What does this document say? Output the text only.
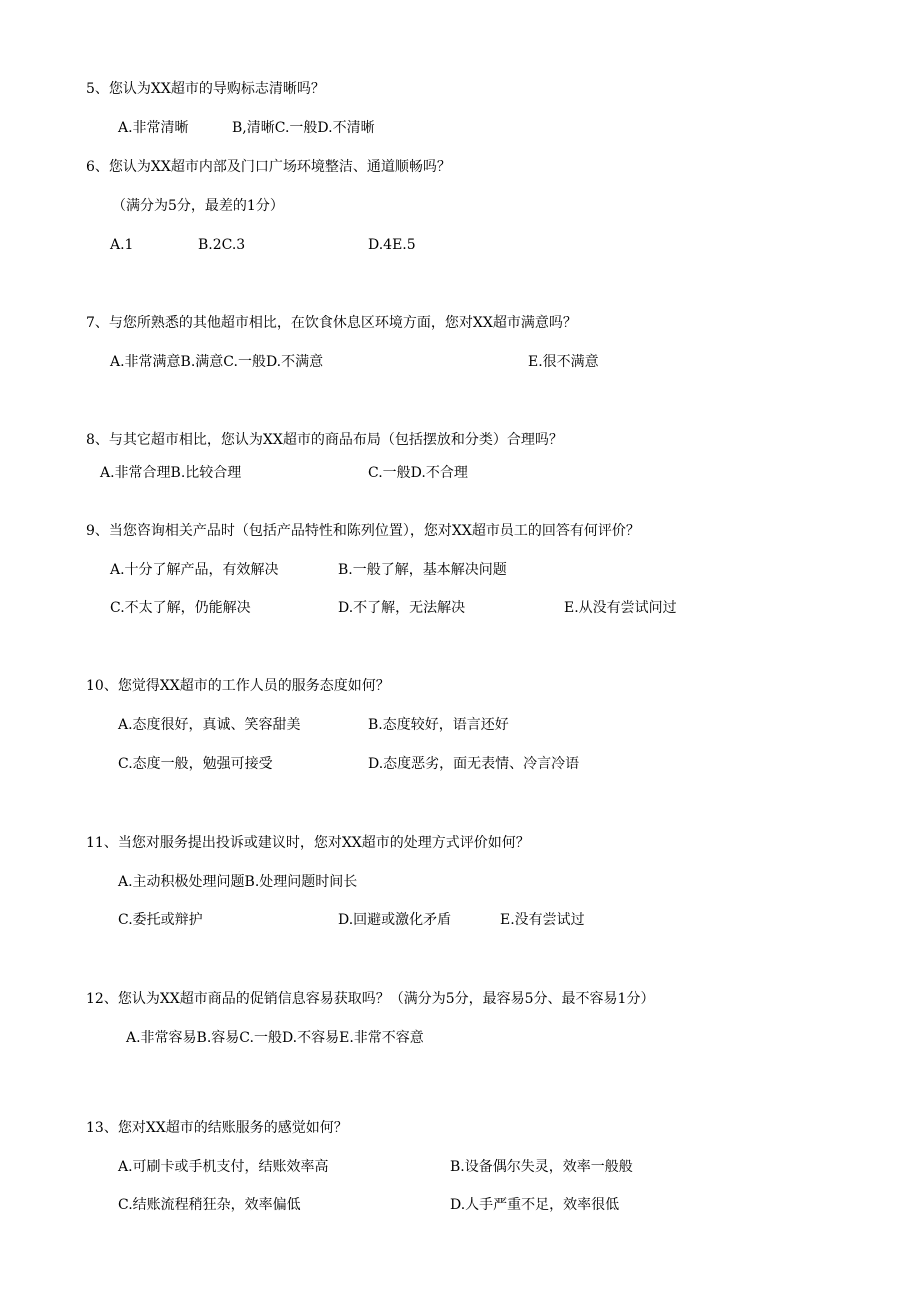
5、您认为XX超市的导购标志清晰吗？
A.非常清晰	B,清晰C.一般D.不清晰
6、您认为XX超市内部及门口广场环境整洁、通道顺畅吗？
（满分为5分，最差的1分）
A.1	B.2C.3	D.4E.5
7、与您所熟悉的其他超市相比，在饮食休息区环境方面，您对XX超市满意吗？
A.非常满意B.满意C.一般D.不满意	E.很不满意
8、与其它超市相比，您认为XX超市的商品布局（包括摆放和分类）合理吗？
A.非常合理B.比较合理	C.一般D.不合理
9、当您咨询相关产品时（包括产品特性和陈列位置），您对XX超市员工的回答有何评价？
A.十分了解产品，有效解决	B.一般了解，基本解决问题
C.不太了解，仍能解决	D.不了解，无法解决	E.从没有尝试问过
10、您觉得XX超市的工作人员的服务态度如何？
A.态度很好，真诚、笑容甜美	B.态度较好，语言还好
C.态度一般，勉强可接受	D.态度恶劣，面无表情、冷言冷语
11、当您对服务提出投诉或建议时，您对XX超市的处理方式评价如何？
A.主动积极处理问题B.处理问题时间长
C.委托或辩护	D.回避或激化矛盾	E.没有尝试过
12、您认为XX超市商品的促销信息容易获取吗？（满分为5分，最容易5分、最不容易1分）
A.非常容易B.容易C.一般D.不容易E.非常不容意
13、您对XX超市的结账服务的感觉如何？
A.可刷卡或手机支付，结账效率高	B.设备偶尔失灵，效率一般般
C.结账流程稍狂杂，效率偏低	D.人手严重不足，效率很低
